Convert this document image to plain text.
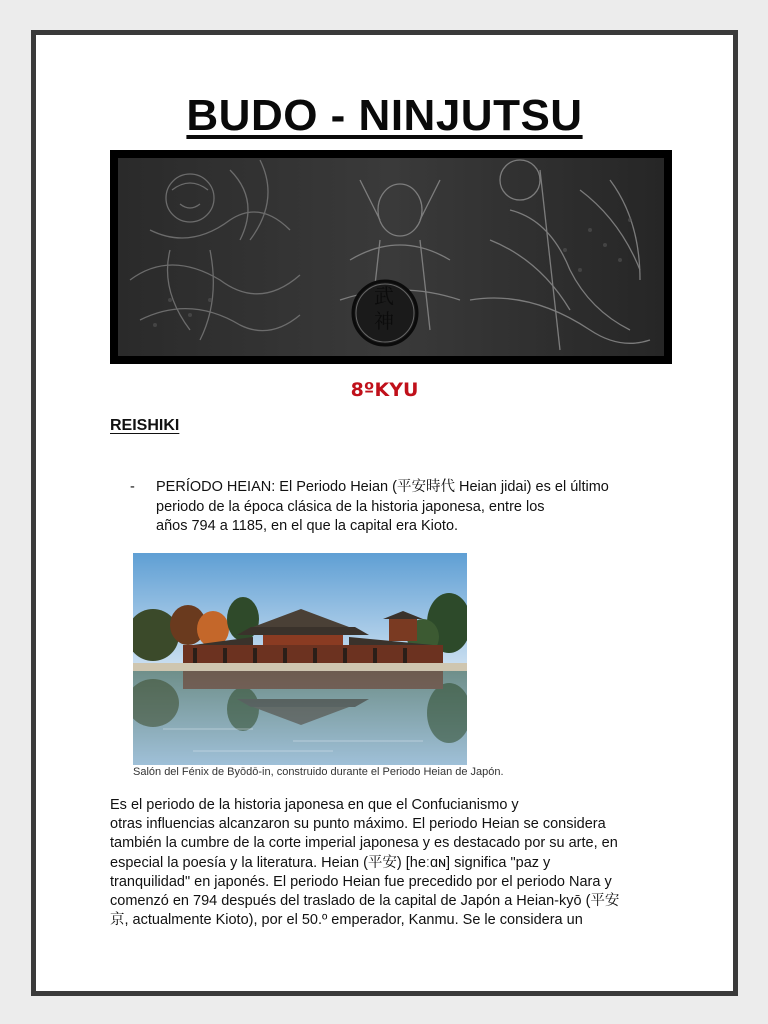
BUDO - NINJUTSU
武
神
8ºKYU
REISHIKI
- PERÍODO HEIAN: El Periodo Heian (平安時代 Heian jidai) es el último
periodo de la época clásica de la historia japonesa, entre los
años 794 a 1185, en el que la capital era Kioto.
Salón del Fénix de Byōdō-in, construido durante el Periodo Heian de Japón.
Es el periodo de la historia japonesa en que el Confucianismo y
otras influencias alcanzaron su punto máximo. El periodo Heian se considera
también la cumbre de la corte imperial japonesa y es destacado por su arte, en
especial la poesía y la literatura. Heian (平安) [heːɑɴ] significa "paz y
tranquilidad" en japonés. El periodo Heian fue precedido por el periodo Nara y
comenzó en 794 después del traslado de la capital de Japón a Heian-kyō (平安
京, actualmente Kioto), por el 50.º emperador, Kanmu. Se le considera un
